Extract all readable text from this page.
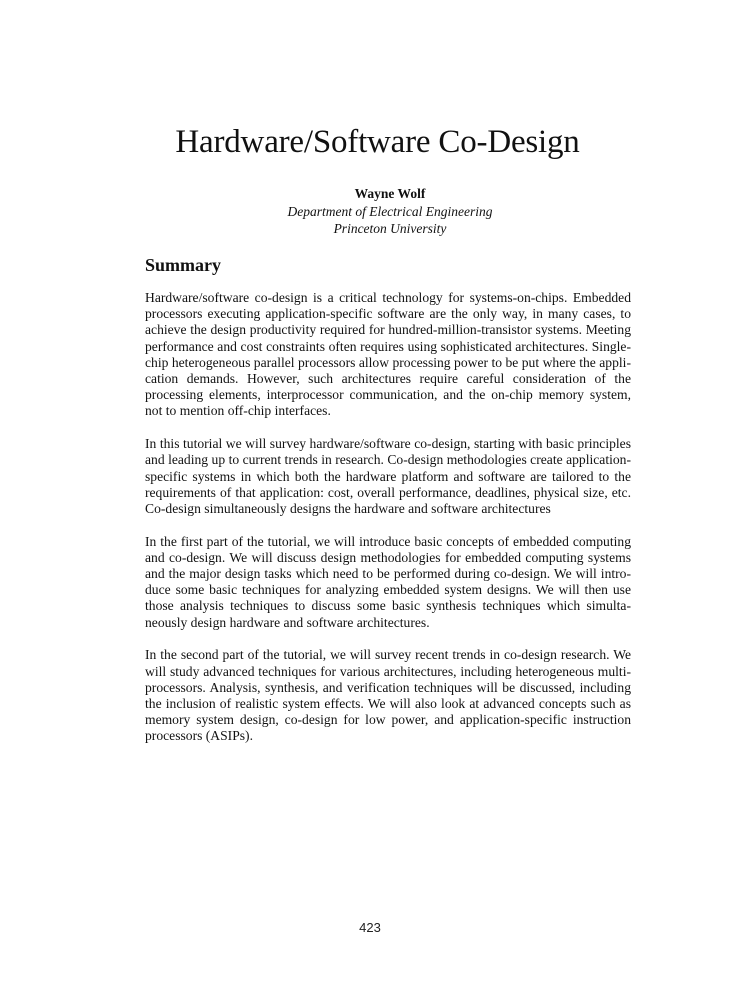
Hardware/Software Co-Design
Wayne Wolf
Department of Electrical Engineering
Princeton University
Summary

Hardware/software co-design is a critical technology for systems-on-chips. Embedded processors executing application-specific software are the only way, in many cases, to achieve the design productivity required for hundred-million-transistor systems. Meeting performance and cost constraints often requires using sophisticated architectures. Single-chip heterogeneous parallel processors allow processing power to be put where the application demands. However, such architectures require careful consideration of the processing elements, interprocessor communication, and the on-chip memory system, not to mention off-chip interfaces.

In this tutorial we will survey hardware/software co-design, starting with basic principles and leading up to current trends in research. Co-design methodologies create application-specific systems in which both the hardware platform and software are tailored to the requirements of that application: cost, overall performance, deadlines, physical size, etc. Co-design simultaneously designs the hardware and software architectures

In the first part of the tutorial, we will introduce basic concepts of embedded computing and co-design. We will discuss design methodologies for embedded computing systems and the major design tasks which need to be performed during co-design. We will introduce some basic techniques for analyzing embedded system designs. We will then use those analysis techniques to discuss some basic synthesis techniques which simultaneously design hardware and software architectures.

In the second part of the tutorial, we will survey recent trends in co-design research. We will study advanced techniques for various architectures, including heterogeneous multiprocessors. Analysis, synthesis, and verification techniques will be discussed, including the inclusion of realistic system effects. We will also look at advanced concepts such as memory system design, co-design for low power, and application-specific instruction processors (ASIPs).

423
